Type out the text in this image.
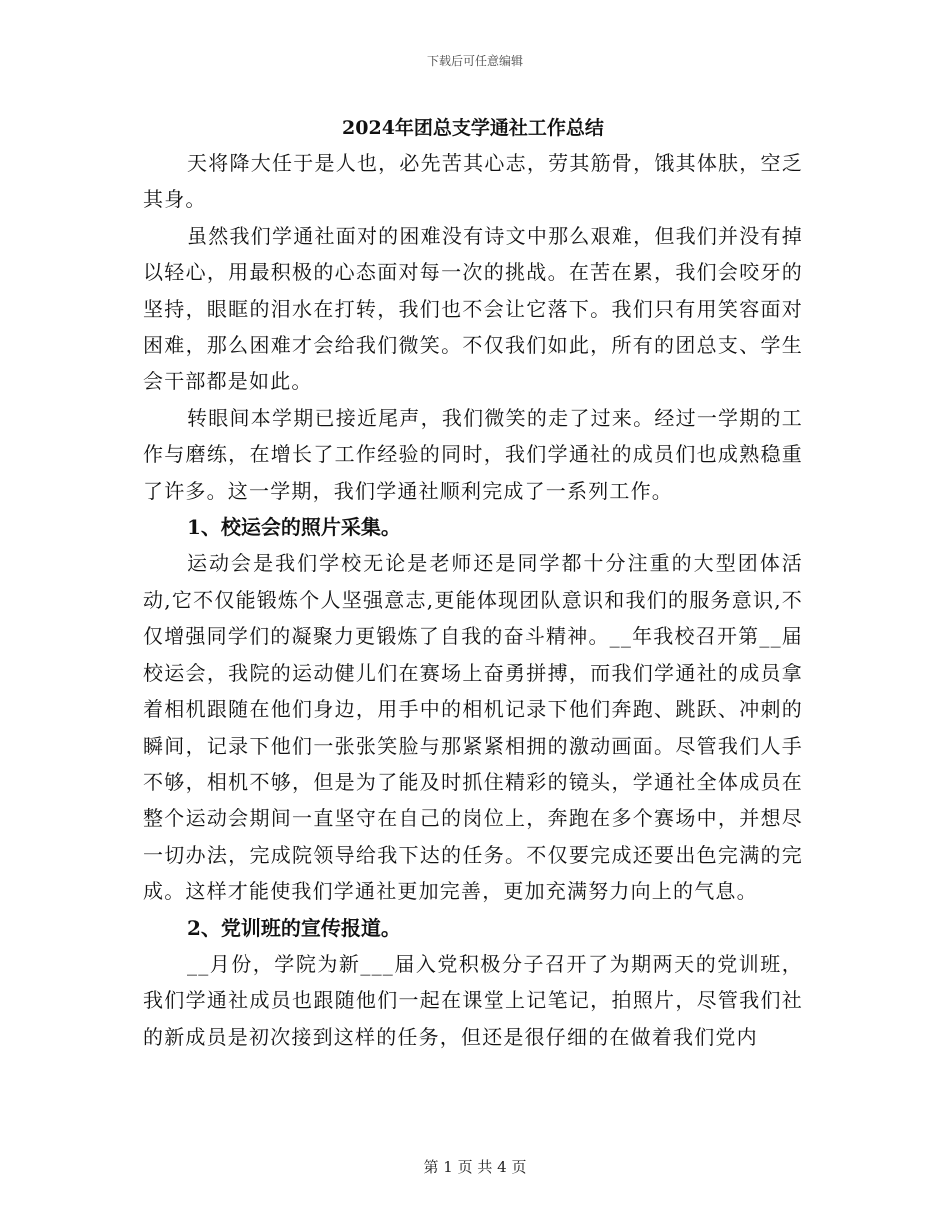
下载后可任意编辑
2024年团总支学通社工作总结

天将降大任于是人也，必先苦其心志，劳其筋骨，饿其体肤，空乏其身。

虽然我们学通社面对的困难没有诗文中那么艰难，但我们并没有掉以轻心，用最积极的心态面对每一次的挑战。在苦在累，我们会咬牙的坚持，眼眶的泪水在打转，我们也不会让它落下。我们只有用笑容面对困难，那么困难才会给我们微笑。不仅我们如此，所有的团总支、学生会干部都是如此。

转眼间本学期已接近尾声，我们微笑的走了过来。经过一学期的工作与磨练，在增长了工作经验的同时，我们学通社的成员们也成熟稳重了许多。这一学期，我们学通社顺利完成了一系列工作。

1、校运会的照片采集。

运动会是我们学校无论是老师还是同学都十分注重的大型团体活动,它不仅能锻炼个人坚强意志,更能体现团队意识和我们的服务意识,不仅增强同学们的凝聚力更锻炼了自我的奋斗精神。__年我校召开第__届校运会，我院的运动健儿们在赛场上奋勇拼搏，而我们学通社的成员拿着相机跟随在他们身边，用手中的相机记录下他们奔跑、跳跃、冲刺的瞬间，记录下他们一张张笑脸与那紧紧相拥的激动画面。尽管我们人手不够，相机不够，但是为了能及时抓住精彩的镜头，学通社全体成员在整个运动会期间一直坚守在自己的岗位上，奔跑在多个赛场中，并想尽一切办法，完成院领导给我下达的任务。不仅要完成还要出色完满的完成。这样才能使我们学通社更加完善，更加充满努力向上的气息。

2、党训班的宣传报道。

__月份，学院为新___届入党积极分子召开了为期两天的党训班，我们学通社成员也跟随他们一起在课堂上记笔记，拍照片，尽管我们社的新成员是初次接到这样的任务，但还是很仔细的在做着我们党内

第 1 页 共 4 页
